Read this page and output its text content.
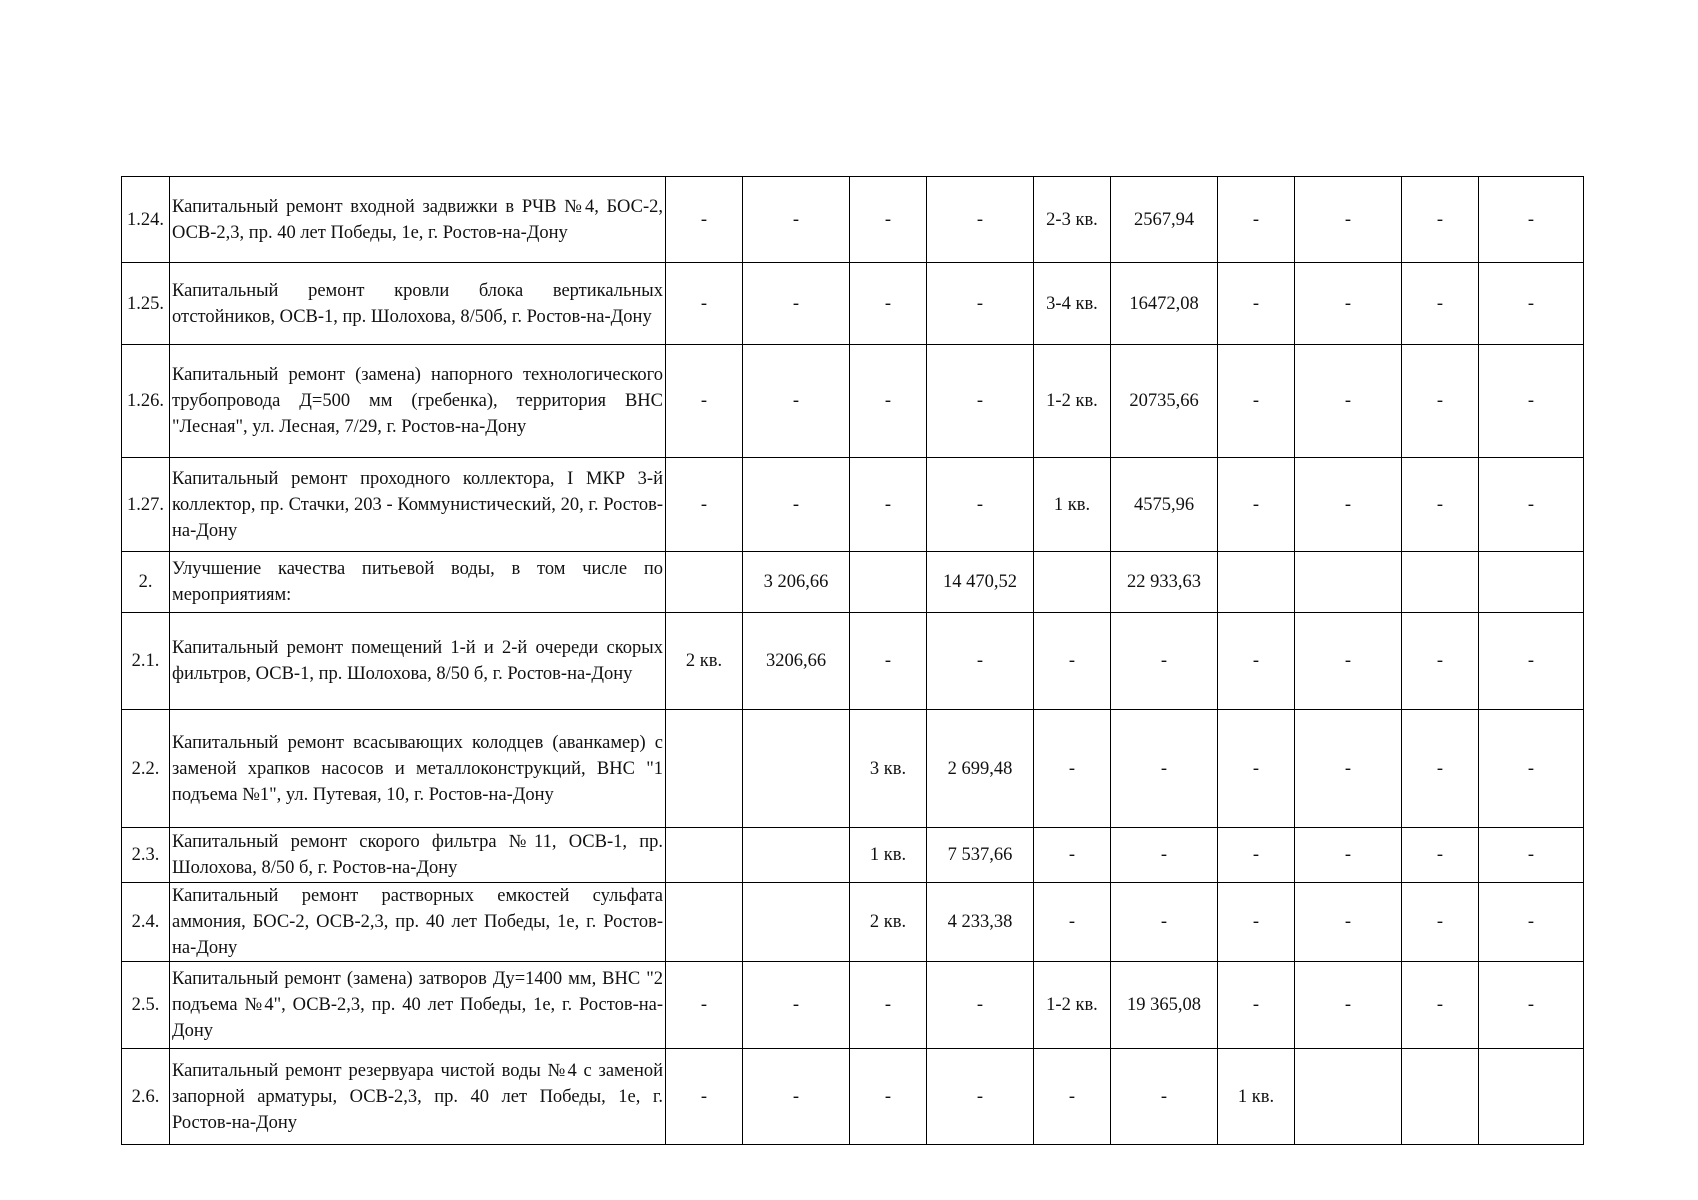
1.24.	Капитальный ремонт входной задвижки в РЧВ №4, БОС-2, ОСВ-2,3, пр. 40 лет Победы, 1е, г. Ростов-на-Дону	-	-	-	-	2-3 кв.	2567,94	-	-	-	-
1.25.	Капитальный ремонт кровли блока вертикальных отстойников, ОСВ-1, пр. Шолохова, 8/50б, г. Ростов-на-Дону	-	-	-	-	3-4 кв.	16472,08	-	-	-	-
1.26.	Капитальный ремонт (замена) напорного технологического трубопровода Д=500 мм (гребенка), территория ВНС "Лесная", ул. Лесная, 7/29, г. Ростов-на-Дону	-	-	-	-	1-2 кв.	20735,66	-	-	-	-
1.27.	Капитальный ремонт проходного коллектора, I МКР 3-й коллектор, пр. Стачки, 203 - Коммунистический, 20, г. Ростов-на-Дону	-	-	-	-	1 кв.	4575,96	-	-	-	-
2.	Улучшение качества питьевой воды, в том числе по мероприятиям:		3 206,66		14 470,52		22 933,63				
2.1.	Капитальный ремонт помещений 1-й и 2-й очереди скорых фильтров, ОСВ-1, пр. Шолохова, 8/50 б, г. Ростов-на-Дону	2 кв.	3206,66	-	-	-	-	-	-	-	-
2.2.	Капитальный ремонт всасывающих колодцев (аванкамер) с заменой храпков насосов и металлоконструкций, ВНС "1 подъема №1", ул. Путевая, 10, г. Ростов-на-Дону			3 кв.	2 699,48	-	-	-	-	-	-
2.3.	Капитальный ремонт скорого фильтра №11, ОСВ-1, пр. Шолохова, 8/50 б, г. Ростов-на-Дону			1 кв.	7 537,66	-	-	-	-	-	-
2.4.	Капитальный ремонт растворных емкостей сульфата аммония, БОС-2, ОСВ-2,3, пр. 40 лет Победы, 1е, г. Ростов-на-Дону			2 кв.	4 233,38	-	-	-	-	-	-
2.5.	Капитальный ремонт (замена) затворов Ду=1400 мм, ВНС "2 подъема №4", ОСВ-2,3, пр. 40 лет Победы, 1е, г. Ростов-на-Дону	-	-	-	-	1-2 кв.	19 365,08	-	-	-	-
2.6.	Капитальный ремонт резервуара чистой воды №4 с заменой запорной арматуры, ОСВ-2,3, пр. 40 лет Победы, 1е, г. Ростов-на-Дону	-	-	-	-	-	-	1 кв.			
